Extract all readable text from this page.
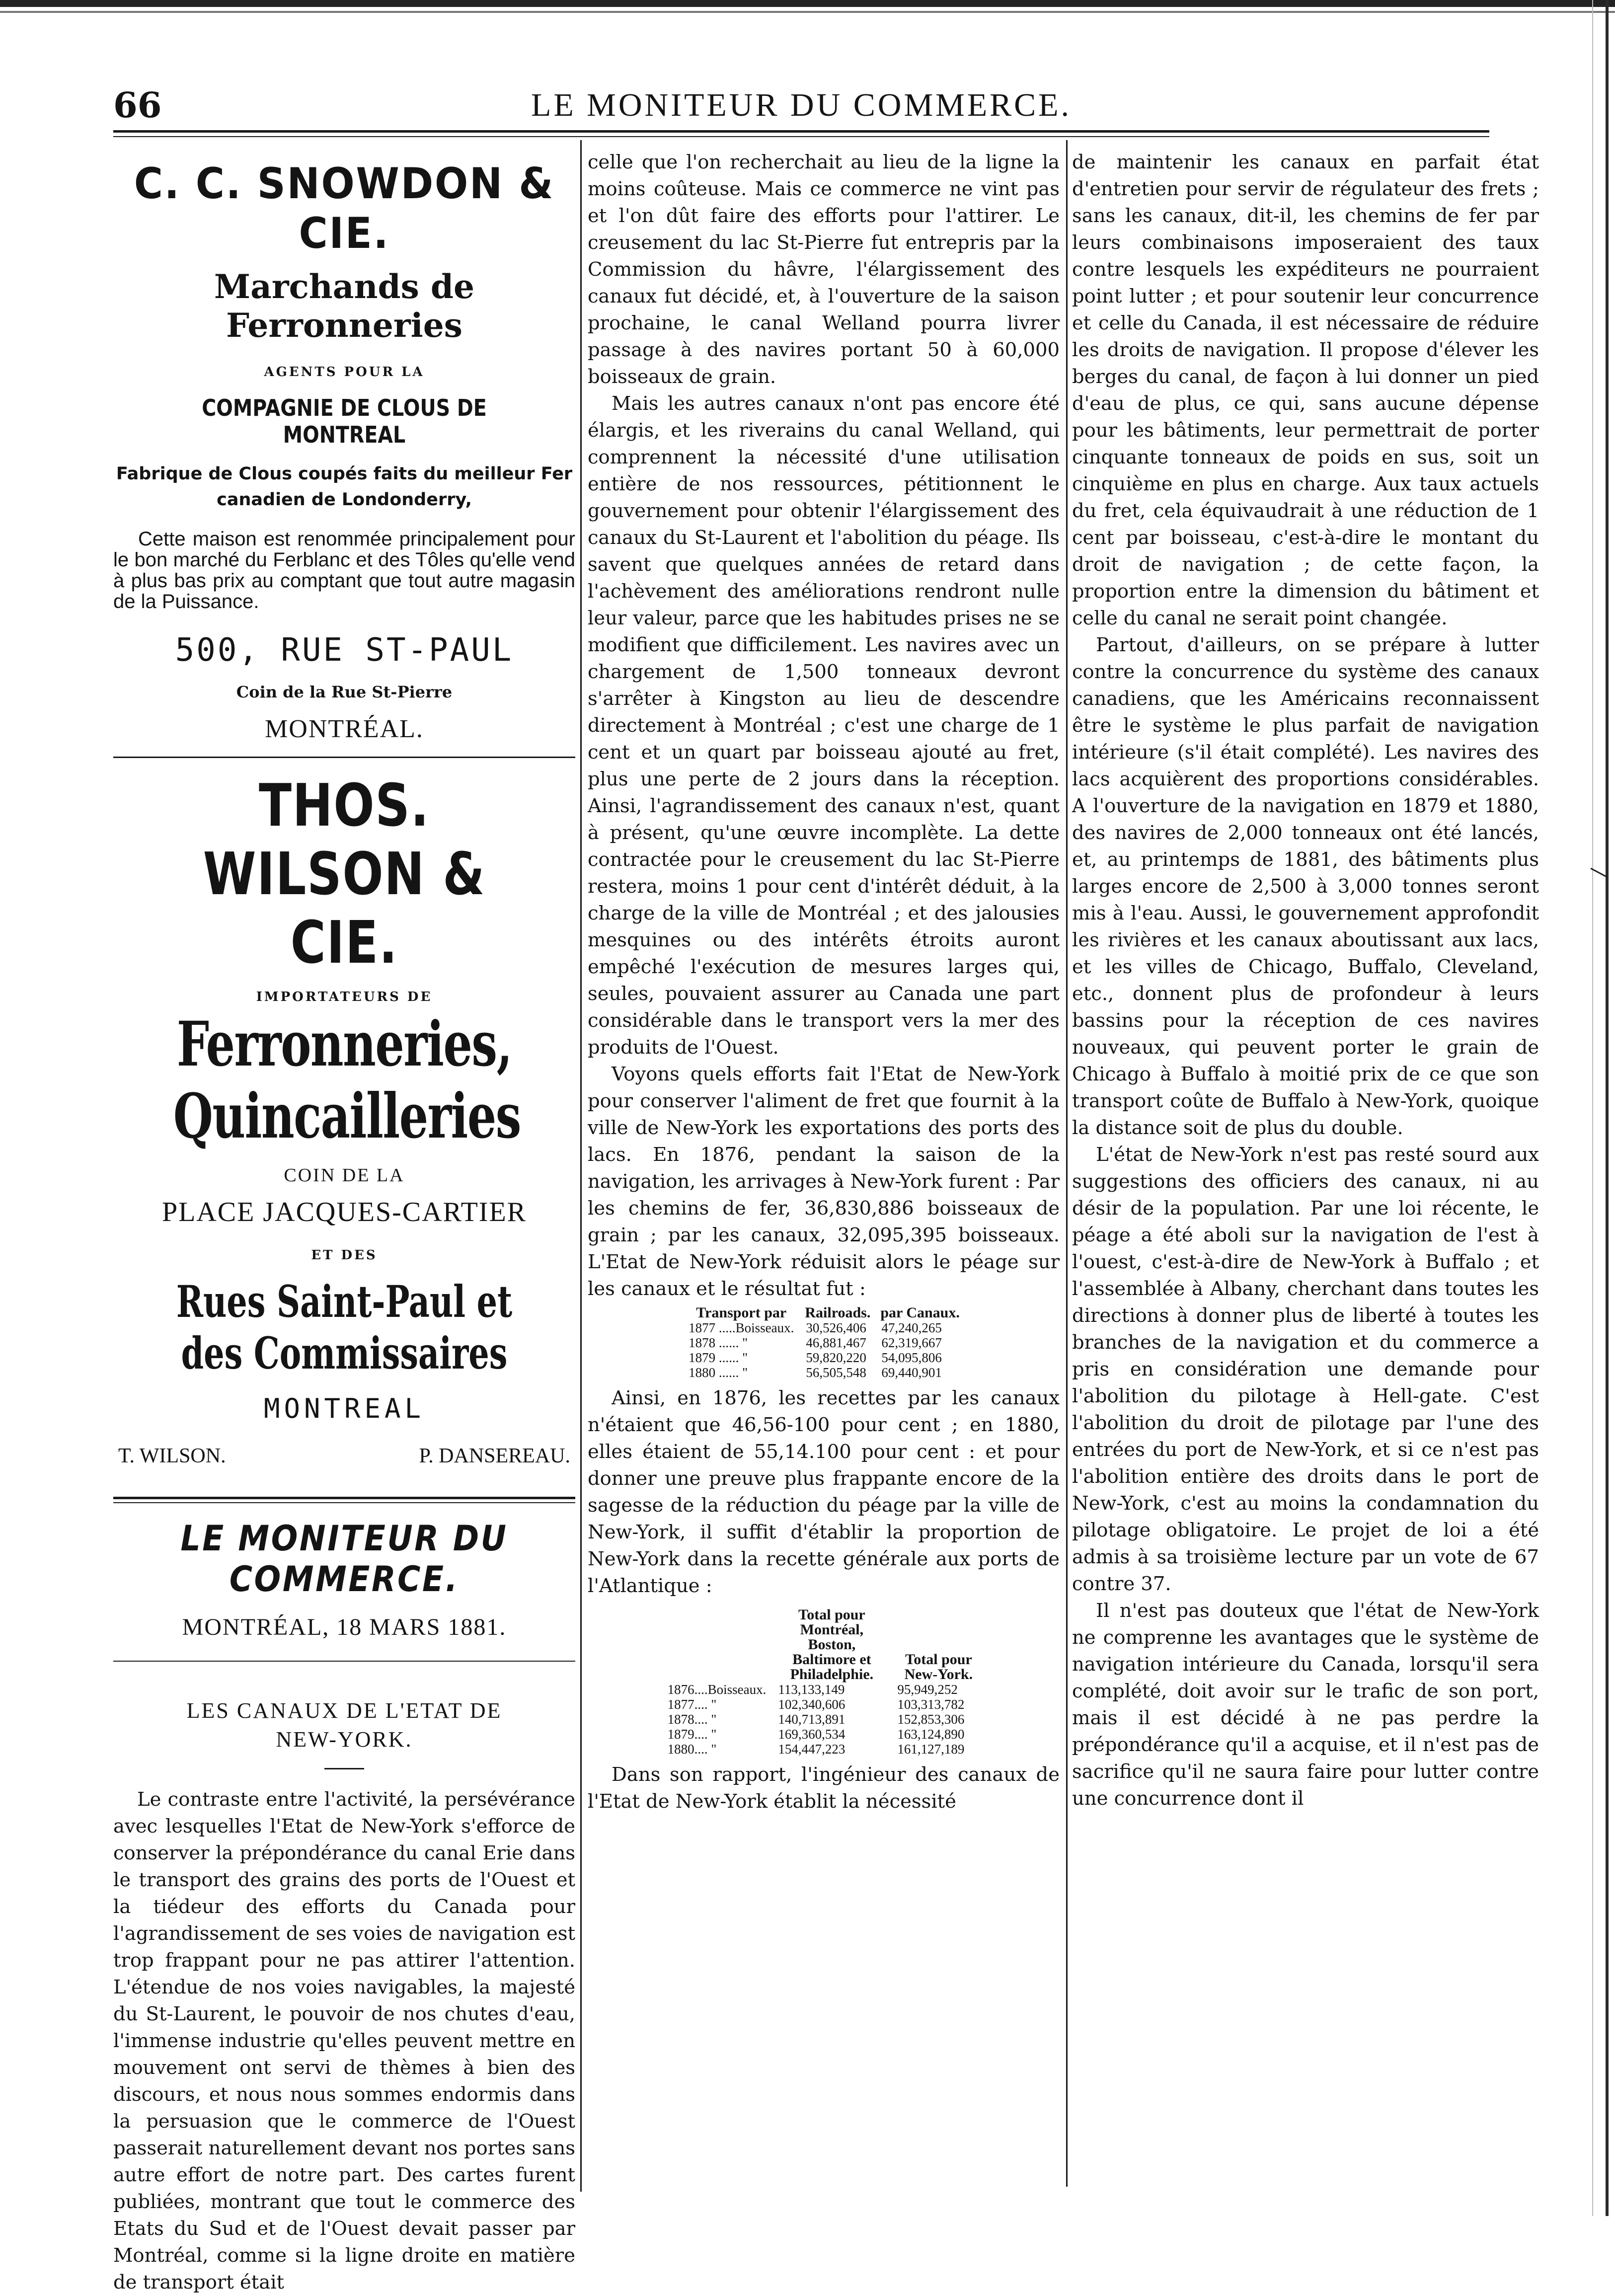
66	LE MONITEUR DU COMMERCE.
C. C. SNOWDON & CIE.
Marchands de Ferronneries
AGENTS POUR LA
COMPAGNIE DE CLOUS DE MONTREAL
Fabrique de Clous coupés faits du meilleur Fer canadien de Londonderry,
Cette maison est renommée principalement pour le bon marché du Ferblanc et des Tôles qu'elle vend à plus bas prix au comptant que tout autre magasin de la Puissance.
500, RUE ST-PAUL
Coin de la Rue St-Pierre
MONTRÉAL.
THOS. WILSON & CIE.
IMPORTATEURS DE
Ferronneries, Quincailleries
COIN DE LA
PLACE JACQUES-CARTIER
ET DES
Rues Saint-Paul et des Commissaires
MONTREAL
T. WILSON.	P. DANSEREAU.
LE MONITEUR DU COMMERCE.
MONTRÉAL, 18 MARS 1881.
LES CANAUX DE L'ETAT DE NEW-YORK.

Le contraste entre l'activité, la persévérance avec lesquelles l'Etat de New-York s'efforce de conserver la prépondérance du canal Erie dans le transport des grains des ports de l'Ouest et la tiédeur des efforts du Canada pour l'agrandissement de ses voies de navigation est trop frappant pour ne pas attirer l'attention. L'étendue de nos voies navigables, la majesté du St-Laurent, le pouvoir de nos chutes d'eau, l'immense industrie qu'elles peuvent mettre en mouvement ont servi de thèmes à bien des discours, et nous nous sommes endormis dans la persuasion que le commerce de l'Ouest passerait naturellement devant nos portes sans autre effort de notre part. Des cartes furent publiées, montrant que tout le commerce des Etats du Sud et de l'Ouest devait passer par Montréal, comme si la ligne droite en matière de transport était

celle que l'on recherchait au lieu de la ligne la moins coûteuse. Mais ce commerce ne vint pas et l'on dût faire des efforts pour l'attirer. Le creusement du lac St-Pierre fut entrepris par la Commission du hâvre, l'élargissement des canaux fut décidé, et, à l'ouverture de la saison prochaine, le canal Welland pourra livrer passage à des navires portant 50 à 60,000 boisseaux de grain.

Mais les autres canaux n'ont pas encore été élargis, et les riverains du canal Welland, qui comprennent la nécessité d'une utilisation entière de nos ressources, pétitionnent le gouvernement pour obtenir l'élargissement des canaux du St-Laurent et l'abolition du péage. Ils savent que quelques années de retard dans l'achèvement des améliorations rendront nulle leur valeur, parce que les habitudes prises ne se modifient que difficilement. Les navires avec un chargement de 1,500 tonneaux devront s'arrêter à Kingston au lieu de descendre directement à Montréal ; c'est une charge de 1 cent et un quart par boisseau ajouté au fret, plus une perte de 2 jours dans la réception. Ainsi, l'agrandissement des canaux n'est, quant à présent, qu'une œuvre incomplète. La dette contractée pour le creusement du lac St-Pierre restera, moins 1 pour cent d'intérêt déduit, à la charge de la ville de Montréal ; et des jalousies mesquines ou des intérêts étroits auront empêché l'exécution de mesures larges qui, seules, pouvaient assurer au Canada une part considérable dans le transport vers la mer des produits de l'Ouest.

Voyons quels efforts fait l'Etat de New-York pour conserver l'aliment de fret que fournit à la ville de New-York les exportations des ports des lacs. En 1876, pendant la saison de la navigation, les arrivages à New-York furent : Par les chemins de fer, 36,830,886 boisseaux de grain ; par les canaux, 32,095,395 boisseaux. L'Etat de New-York réduisit alors le péage sur les canaux et le résultat fut :

Transport par	Railroads.	par Canaux.
1877 .....Boisseaux.	30,526,406	47,240,265
1878 ...... "	46,881,467	62,319,667
1879 ...... "	59,820,220	54,095,806
1880 ...... "	56,505,548	69,440,901

Ainsi, en 1876, les recettes par les canaux n'étaient que 46,56-100 pour cent ; en 1880, elles étaient de 55,14.100 pour cent : et pour donner une preuve plus frappante encore de la sagesse de la réduction du péage par la ville de New-York, il suffit d'établir la proportion de New-York dans la recette générale aux ports de l'Atlantique :

	Total pour Montréal, Boston, Baltimore et Philadelphie.	Total pour New-York.
1876....Boisseaux.	113,133,149	95,949,252
1877.... "	102,340,606	103,313,782
1878.... "	140,713,891	152,853,306
1879.... "	169,360,534	163,124,890
1880.... "	154,447,223	161,127,189

Dans son rapport, l'ingénieur des canaux de l'Etat de New-York établit la nécessité

de maintenir les canaux en parfait état d'entretien pour servir de régulateur des frets ; sans les canaux, dit-il, les chemins de fer par leurs combinaisons imposeraient des taux contre lesquels les expéditeurs ne pourraient point lutter ; et pour soutenir leur concurrence et celle du Canada, il est nécessaire de réduire les droits de navigation. Il propose d'élever les berges du canal, de façon à lui donner un pied d'eau de plus, ce qui, sans aucune dépense pour les bâtiments, leur permettrait de porter cinquante tonneaux de poids en sus, soit un cinquième en plus en charge. Aux taux actuels du fret, cela équivaudrait à une réduction de 1 cent par boisseau, c'est-à-dire le montant du droit de navigation ; de cette façon, la proportion entre la dimension du bâtiment et celle du canal ne serait point changée.

Partout, d'ailleurs, on se prépare à lutter contre la concurrence du système des canaux canadiens, que les Américains reconnaissent être le système le plus parfait de navigation intérieure (s'il était complété). Les navires des lacs acquièrent des proportions considérables. A l'ouverture de la navigation en 1879 et 1880, des navires de 2,000 tonneaux ont été lancés, et, au printemps de 1881, des bâtiments plus larges encore de 2,500 à 3,000 tonnes seront mis à l'eau. Aussi, le gouvernement approfondit les rivières et les canaux aboutissant aux lacs, et les villes de Chicago, Buffalo, Cleveland, etc., donnent plus de profondeur à leurs bassins pour la réception de ces navires nouveaux, qui peuvent porter le grain de Chicago à Buffalo à moitié prix de ce que son transport coûte de Buffalo à New-York, quoique la distance soit de plus du double.

L'état de New-York n'est pas resté sourd aux suggestions des officiers des canaux, ni au désir de la population. Par une loi récente, le péage a été aboli sur la navigation de l'est à l'ouest, c'est-à-dire de New-York à Buffalo ; et l'assemblée à Albany, cherchant dans toutes les directions à donner plus de liberté à toutes les branches de la navigation et du commerce a pris en considération une demande pour l'abolition du pilotage à Hell-gate. C'est l'abolition du droit de pilotage par l'une des entrées du port de New-York, et si ce n'est pas l'abolition entière des droits dans le port de New-York, c'est au moins la condamnation du pilotage obligatoire. Le projet de loi a été admis à sa troisième lecture par un vote de 67 contre 37.

Il n'est pas douteux que l'état de New-York ne comprenne les avantages que le système de navigation intérieure du Canada, lorsqu'il sera complété, doit avoir sur le trafic de son port, mais il est décidé à ne pas perdre la prépondérance qu'il a acquise, et il n'est pas de sacrifice qu'il ne saura faire pour lutter contre une concurrence dont il
